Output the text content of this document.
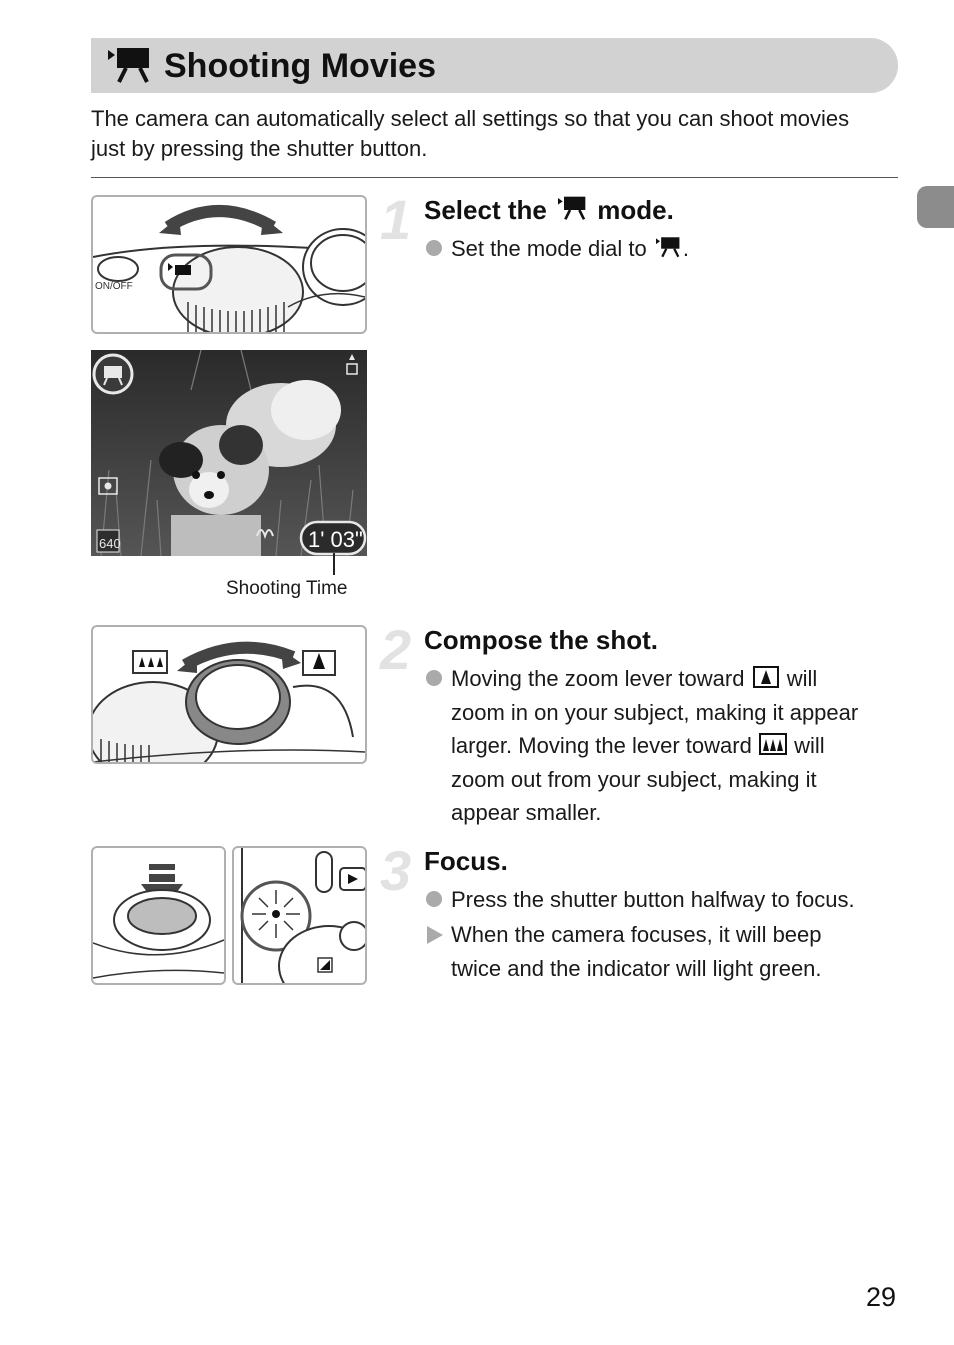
Shooting Movies
The camera can automatically select all settings so that you can shoot movies just by pressing the shutter button.
ON/OFF
640	1' 03"
Shooting Time
1 Select the mode.
Set the mode dial to .
2 Compose the shot.
Moving the zoom lever toward will
zoom in on your subject, making it appear
larger. Moving the lever toward will
zoom out from your subject, making it
appear smaller.
3 Focus.
Press the shutter button halfway to focus.
When the camera focuses, it will beep
twice and the indicator will light green.
29
